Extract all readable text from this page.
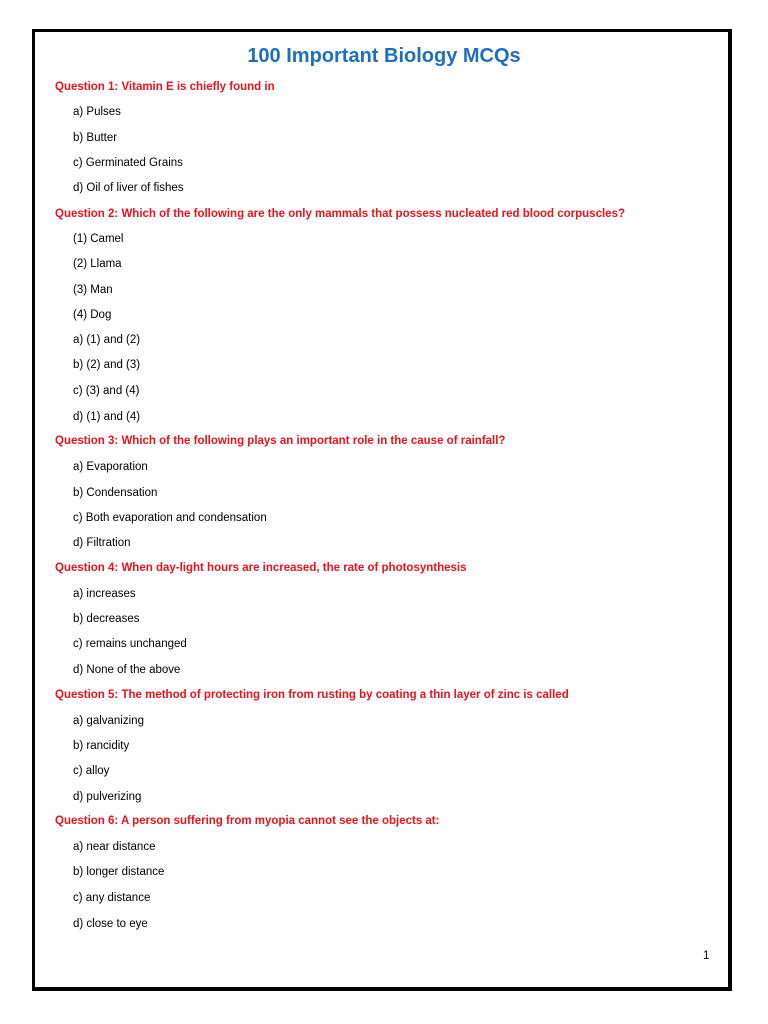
100 Important Biology MCQs
Question 1: Vitamin E is chiefly found in
a) Pulses
b) Butter
c) Germinated Grains
d) Oil of liver of fishes
Question 2: Which of the following are the only mammals that possess nucleated red blood corpuscles?
(1) Camel
(2) Llama
(3) Man
(4) Dog
a) (1) and (2)
b) (2) and (3)
c) (3) and (4)
d) (1) and (4)
Question 3: Which of the following plays an important role in the cause of rainfall?
a) Evaporation
b) Condensation
c) Both evaporation and condensation
d) Filtration
Question 4: When day-light hours are increased, the rate of photosynthesis
a) increases
b) decreases
c) remains unchanged
d) None of the above
Question 5: The method of protecting iron from rusting by coating a thin layer of zinc is called
a) galvanizing
b) rancidity
c) alloy
d) pulverizing
Question 6: A person suffering from myopia cannot see the objects at:
a) near distance
b) longer distance
c) any distance
d) close to eye
1
